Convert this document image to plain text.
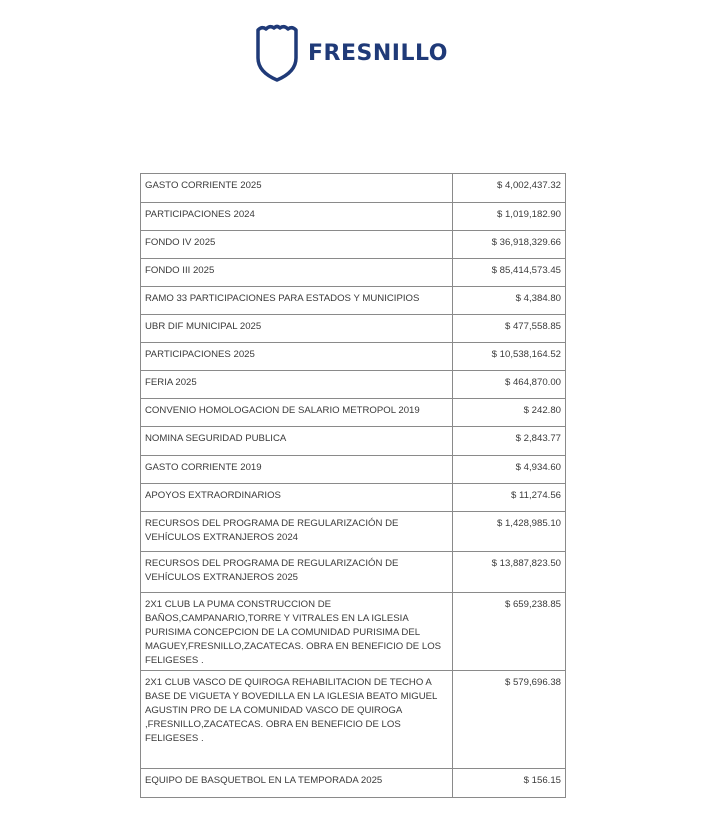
FRESNILLO
GASTO CORRIENTE 2025	$ 4,002,437.32
PARTICIPACIONES 2024	$ 1,019,182.90
FONDO IV 2025	$ 36,918,329.66
FONDO III 2025	$ 85,414,573.45
RAMO 33 PARTICIPACIONES PARA ESTADOS Y MUNICIPIOS	$ 4,384.80
UBR DIF MUNICIPAL 2025	$ 477,558.85
PARTICIPACIONES 2025	$ 10,538,164.52
FERIA 2025	$ 464,870.00
CONVENIO HOMOLOGACION DE SALARIO METROPOL 2019	$ 242.80
NOMINA SEGURIDAD PUBLICA	$ 2,843.77
GASTO CORRIENTE 2019	$ 4,934.60
APOYOS EXTRAORDINARIOS	$ 11,274.56
RECURSOS DEL PROGRAMA DE REGULARIZACIÓN DE VEHÍCULOS EXTRANJEROS 2024	$ 1,428,985.10
RECURSOS DEL PROGRAMA DE REGULARIZACIÓN DE VEHÍCULOS EXTRANJEROS 2025	$ 13,887,823.50
2X1 CLUB LA PUMA CONSTRUCCION DE BAÑOS,CAMPANARIO,TORRE Y VITRALES EN LA IGLESIA PURISIMA CONCEPCION DE LA COMUNIDAD PURISIMA DEL MAGUEY,FRESNILLO,ZACATECAS. OBRA EN BENEFICIO DE LOS FELIGESES .	$ 659,238.85
2X1 CLUB VASCO DE QUIROGA REHABILITACION DE TECHO A BASE DE VIGUETA Y BOVEDILLA EN LA IGLESIA BEATO MIGUEL AGUSTIN PRO DE LA COMUNIDAD VASCO DE QUIROGA ,FRESNILLO,ZACATECAS. OBRA EN BENEFICIO DE LOS FELIGESES .	$ 579,696.38
EQUIPO DE BASQUETBOL EN LA TEMPORADA 2025	$ 156.15
